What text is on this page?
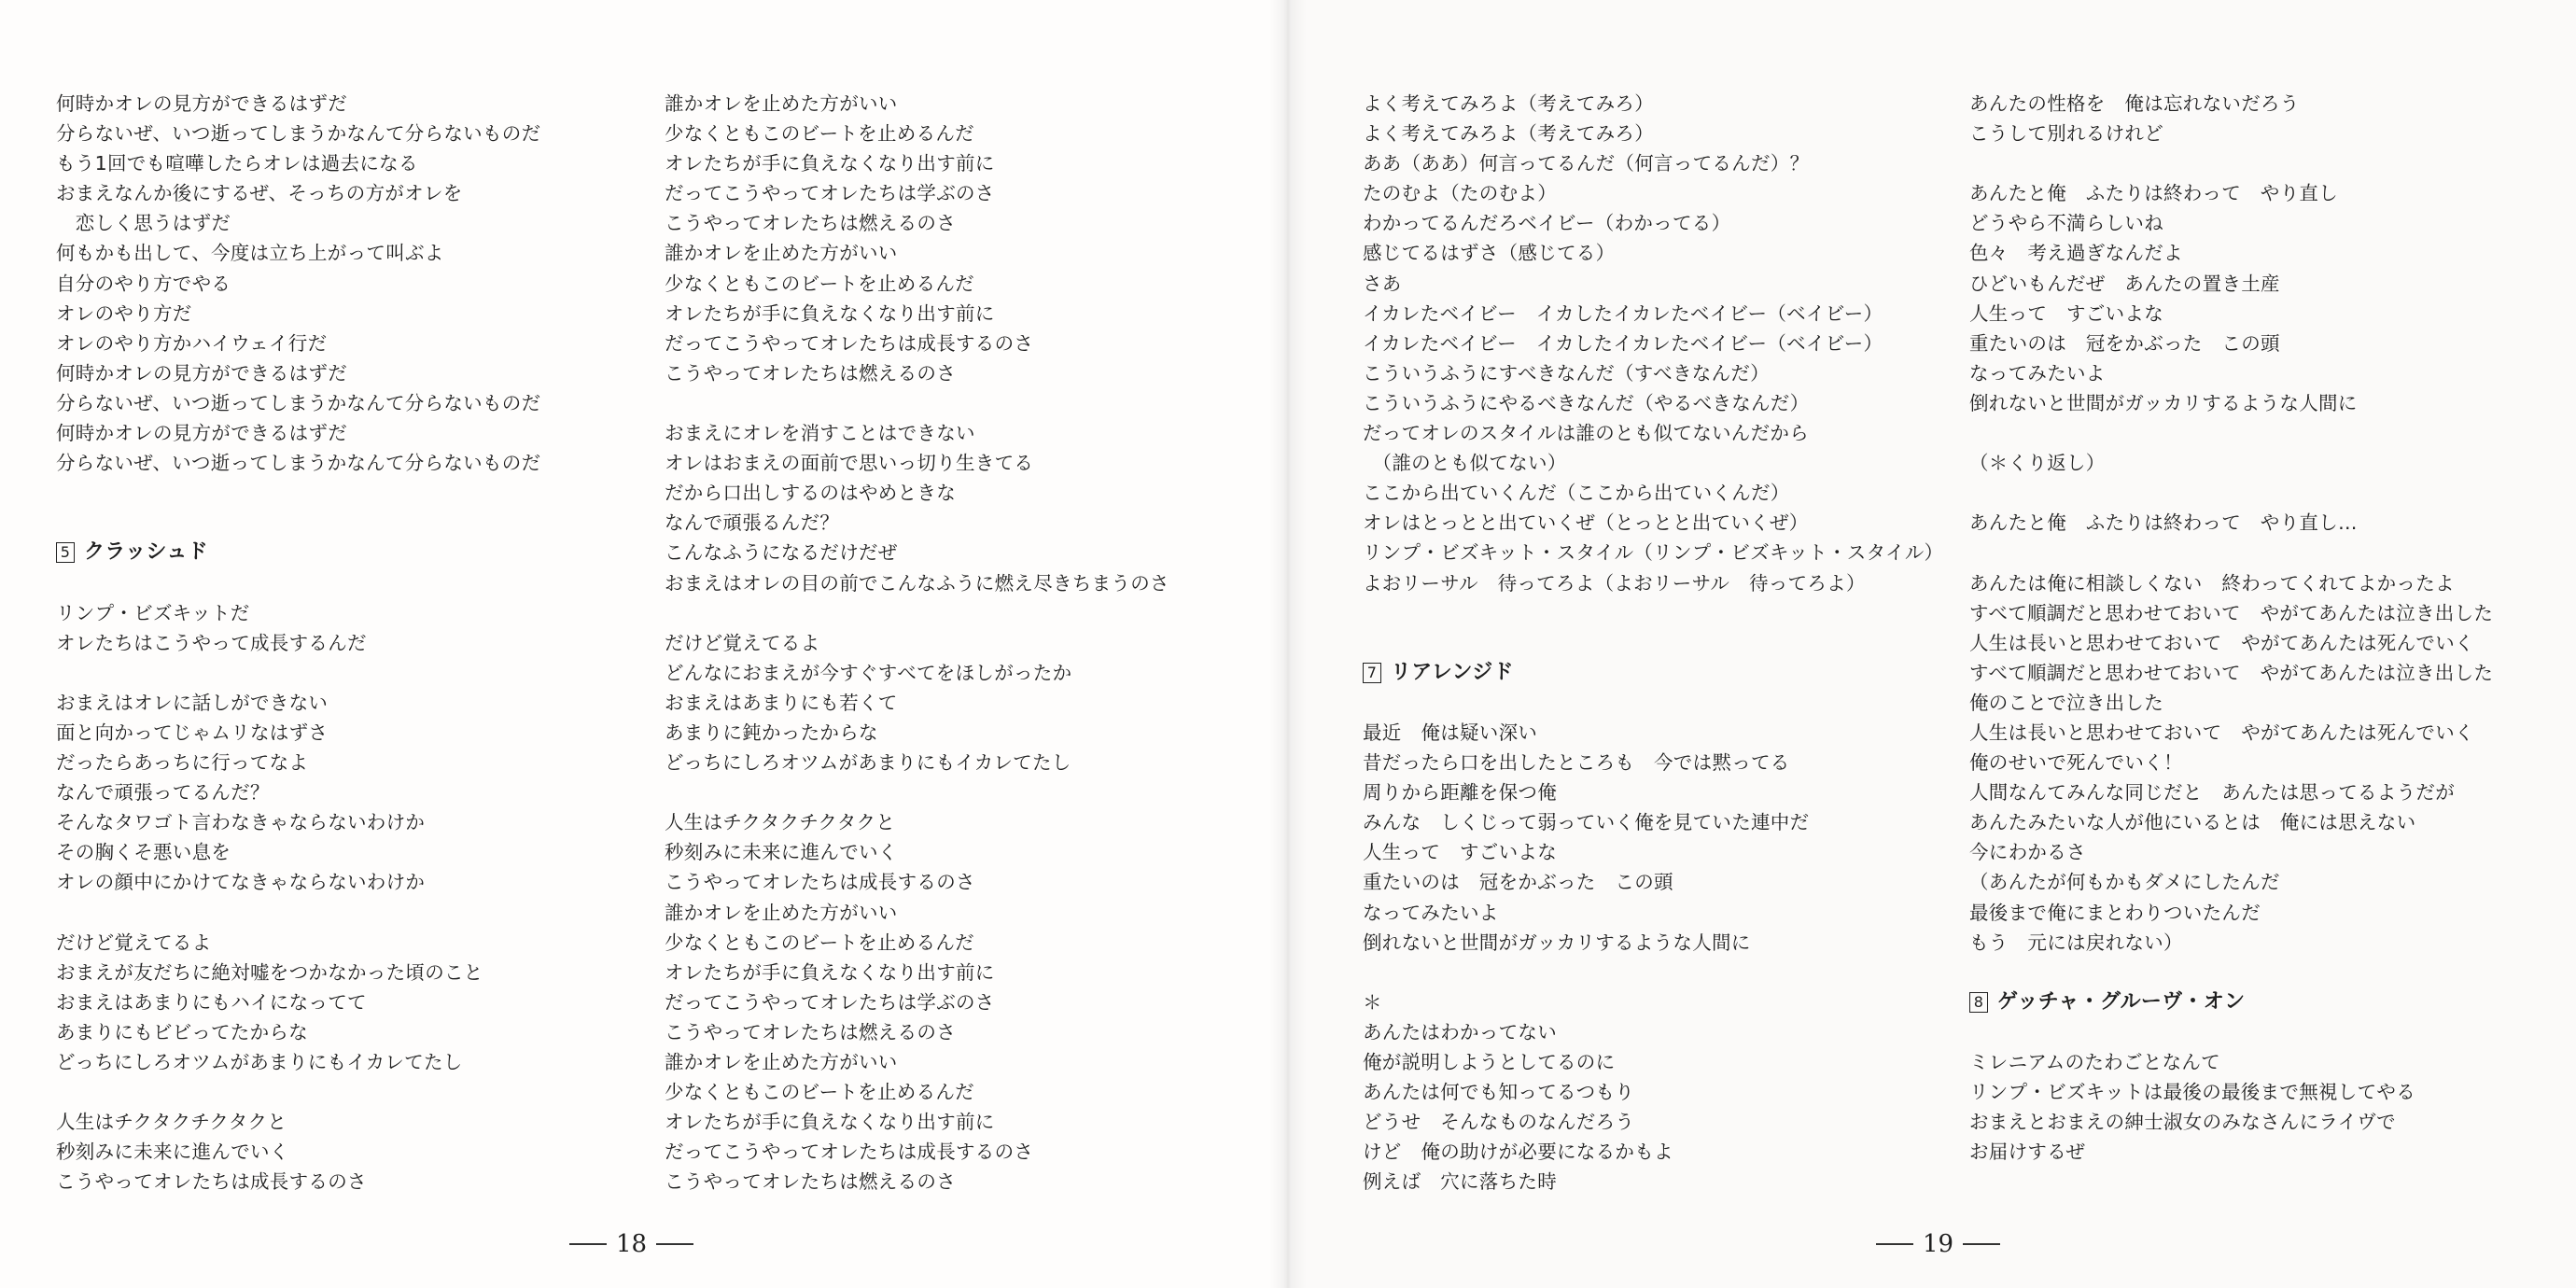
何時かオレの見方ができるはずだ
分らないぜ、いつ逝ってしまうかなんて分らないものだ
もう1回でも喧嘩したらオレは過去になる
おまえなんか後にするぜ、そっちの方がオレを
　恋しく思うはずだ
何もかも出して、今度は立ち上がって叫ぶよ
自分のやり方でやる
オレのやり方だ
オレのやり方かハイウェイ行だ
何時かオレの見方ができるはずだ
分らないぜ、いつ逝ってしまうかなんて分らないものだ
何時かオレの見方ができるはずだ
分らないぜ、いつ逝ってしまうかなんて分らないものだ
5 クラッシュド
リンプ・ビズキットだ
オレたちはこうやって成長するんだ
おまえはオレに話しができない
面と向かってじゃムリなはずさ
だったらあっちに行ってなよ
なんで頑張ってるんだ？
そんなタワゴト言わなきゃならないわけか
その胸くそ悪い息を
オレの顔中にかけてなきゃならないわけか
だけど覚えてるよ
おまえが友だちに絶対嘘をつかなかった頃のこと
おまえはあまりにもハイになってて
あまりにもビビってたからな
どっちにしろオツムがあまりにもイカレてたし
人生はチクタクチクタクと
秒刻みに未来に進んでいく
こうやってオレたちは成長するのさ
誰かオレを止めた方がいい
少なくともこのビートを止めるんだ
オレたちが手に負えなくなり出す前に
だってこうやってオレたちは学ぶのさ
こうやってオレたちは燃えるのさ
誰かオレを止めた方がいい
少なくともこのビートを止めるんだ
オレたちが手に負えなくなり出す前に
だってこうやってオレたちは成長するのさ
こうやってオレたちは燃えるのさ
おまえにオレを消すことはできない
オレはおまえの面前で思いっ切り生きてる
だから口出しするのはやめときな
なんで頑張るんだ？
こんなふうになるだけだぜ
おまえはオレの目の前でこんなふうに燃え尽きちまうのさ
だけど覚えてるよ
どんなにおまえが今すぐすべてをほしがったか
おまえはあまりにも若くて
あまりに鈍かったからな
どっちにしろオツムがあまりにもイカレてたし
人生はチクタクチクタクと
秒刻みに未来に進んでいく
こうやってオレたちは成長するのさ
誰かオレを止めた方がいい
少なくともこのビートを止めるんだ
オレたちが手に負えなくなり出す前に
だってこうやってオレたちは学ぶのさ
こうやってオレたちは燃えるのさ
誰かオレを止めた方がいい
少なくともこのビートを止めるんだ
オレたちが手に負えなくなり出す前に
だってこうやってオレたちは成長するのさ
こうやってオレたちは燃えるのさ
よく考えてみろよ（考えてみろ）
よく考えてみろよ（考えてみろ）
ああ（ああ）何言ってるんだ（何言ってるんだ）？
たのむよ（たのむよ）
わかってるんだろベイビー（わかってる）
感じてるはずさ（感じてる）
さあ
イカレたベイビー　イカしたイカレたベイビー（ベイビー）
イカレたベイビー　イカしたイカレたベイビー（ベイビー）
こういうふうにすべきなんだ（すべきなんだ）
こういうふうにやるべきなんだ（やるべきなんだ）
だってオレのスタイルは誰のとも似てないんだから
　（誰のとも似てない）
ここから出ていくんだ（ここから出ていくんだ）
オレはとっとと出ていくぜ（とっとと出ていくぜ）
リンプ・ビズキット・スタイル（リンプ・ビズキット・スタイル）
よおリーサル　待ってろよ（よおリーサル　待ってろよ）
7 リアレンジド
最近　俺は疑い深い
昔だったら口を出したところも　今では黙ってる
周りから距離を保つ俺
みんな　しくじって弱っていく俺を見ていた連中だ
人生って　すごいよな
重たいのは　冠をかぶった　この頭
なってみたいよ
倒れないと世間がガッカリするような人間に
＊
あんたはわかってない
俺が説明しようとしてるのに
あんたは何でも知ってるつもり
どうせ　そんなものなんだろう
けど　俺の助けが必要になるかもよ
例えば　穴に落ちた時
あんたの性格を　俺は忘れないだろう
こうして別れるけれど
あんたと俺　ふたりは終わって　やり直し
どうやら不満らしいね
色々　考え過ぎなんだよ
ひどいもんだぜ　あんたの置き土産
人生って　すごいよな
重たいのは　冠をかぶった　この頭
なってみたいよ
倒れないと世間がガッカリするような人間に
（＊くり返し）
あんたと俺　ふたりは終わって　やり直し…
あんたは俺に相談しくない　終わってくれてよかったよ
すべて順調だと思わせておいて　やがてあんたは泣き出した
人生は長いと思わせておいて　やがてあんたは死んでいく
すべて順調だと思わせておいて　やがてあんたは泣き出した
俺のことで泣き出した
人生は長いと思わせておいて　やがてあんたは死んでいく
俺のせいで死んでいく！
人間なんてみんな同じだと　あんたは思ってるようだが
あんたみたいな人が他にいるとは　俺には思えない
今にわかるさ
（あんたが何もかもダメにしたんだ
最後まで俺にまとわりついたんだ
もう　元には戻れない）
8 ゲッチャ・グルーヴ・オン
ミレニアムのたわごとなんて
リンプ・ビズキットは最後の最後まで無視してやる
おまえとおまえの紳士淑女のみなさんにライヴで
お届けするぜ
18	19
